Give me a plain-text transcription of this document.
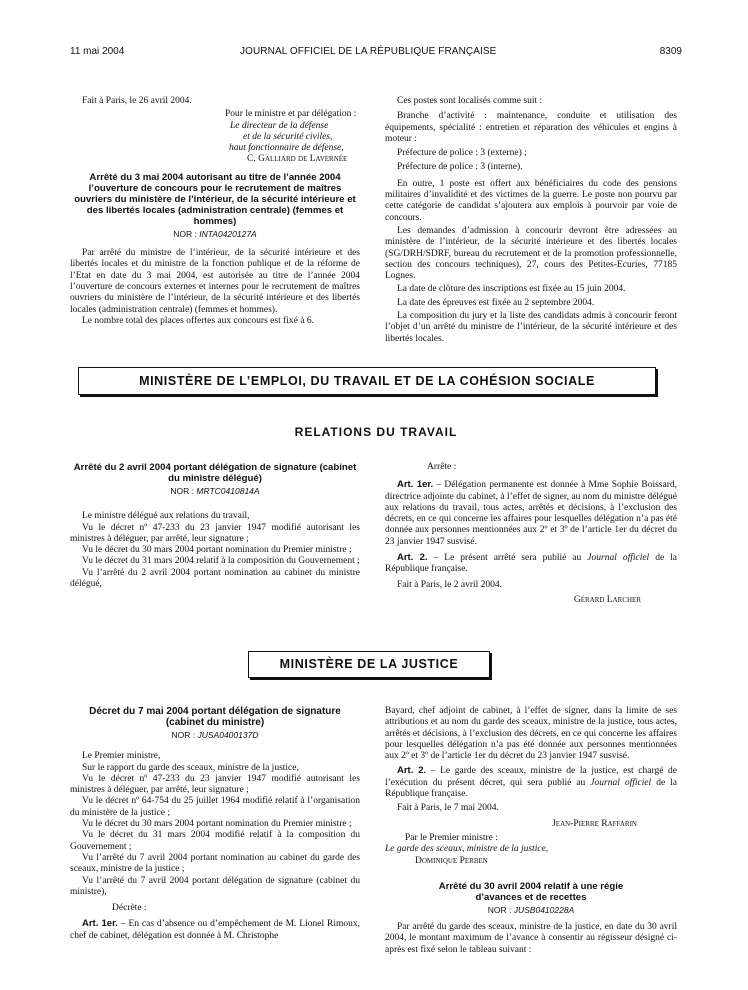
11 mai 2004	JOURNAL OFFICIEL DE LA RÉPUBLIQUE FRANÇAISE	8309

Fait à Paris, le 26 avril 2004.

Pour le ministre et par délégation :

Le directeur de la défense

et de la sécurité civiles,

haut fonctionnaire de défense,

C. Galliard de Lavernée

Arrêté du 3 mai 2004 autorisant au titre de l’année 2004 l’ouverture de concours pour le recrutement de maîtres ouvriers du ministère de l’intérieur, de la sécurité intérieure et des libertés locales (administration centrale) (femmes et hommes)
NOR : INTA0420127A

Par arrêté du ministre de l’intérieur, de la sécurité intérieure et des libertés locales et du ministre de la fonction publique et de la réforme de l’Etat en date du 3 mai 2004, est autorisée au titre de l’année 2004 l’ouverture de concours externes et internes pour le recrutement de maîtres ouvriers du ministère de l’intérieur, de la sécurité intérieure et des libertés locales (administration centrale) (femmes et hommes).

Le nombre total des places offertes aux concours est fixé à 6.

Ces postes sont localisés comme suit :

Branche d’activité : maintenance, conduite et utilisation des équipements, spécialité : entretien et réparation des véhicules et engins à moteur :

Préfecture de police : 3 (externe) ;

Préfecture de police : 3 (interne).

En outre, 1 poste est offert aux bénéficiaires du code des pensions militaires d’invalidité et des victimes de la guerre. Le poste non pourvu par cette catégorie de candidat s’ajoutera aux emplois à pourvoir par voie de concours.

Les demandes d’admission à concourir devront être adressées au ministère de l’intérieur, de la sécurité intérieure et des libertés locales (SG/DRH/SDRF, bureau du recrutement et de la promotion professionnelle, section des concours techniques), 27, cours des Petites-Ecuries, 77185 Lognes.

La date de clôture des inscriptions est fixée au 15 juin 2004.

La date des épreuves est fixée au 2 septembre 2004.

La composition du jury et la liste des candidats admis à concourir feront l’objet d’un arrêté du ministre de l’intérieur, de la sécurité intérieure et des libertés locales.

MINISTÈRE DE L’EMPLOI, DU TRAVAIL ET DE LA COHÉSION SOCIALE
RELATIONS DU TRAVAIL
Arrêté du 2 avril 2004 portant délégation de signature (cabinet du ministre délégué)
NOR : MRTC0410814A

Le ministre délégué aux relations du travail,

Vu le décret nº 47-233 du 23 janvier 1947 modifié autorisant les ministres à déléguer, par arrêté, leur signature ;

Vu le décret du 30 mars 2004 portant nomination du Premier ministre ;

Vu le décret du 31 mars 2004 relatif à la composition du Gouvernement ;

Vu l’arrêté du 2 avril 2004 portant nomination au cabinet du ministre délégué,

Arrête :

Art. 1er. – Délégation permanente est donnée à Mme Sophie Boissard, directrice adjointe du cabinet, à l’effet de signer, au nom du ministre délégué aux relations du travail, tous actes, arrêtés et décisions, à l’exclusion des décrets, en ce qui concerne les affaires pour lesquelles délégation n’a pas été donnée aux personnes mentionnées aux 2º et 3º de l’article 1er du décret du 23 janvier 1947 susvisé.

Art. 2. – Le présent arrêté sera publié au Journal officiel de la République française.

Fait à Paris, le 2 avril 2004.

Gérard Larcher

MINISTÈRE DE LA JUSTICE
Décret du 7 mai 2004 portant délégation de signature (cabinet du ministre)
NOR : JUSA0400137D

Le Premier ministre,

Sur le rapport du garde des sceaux, ministre de la justice,

Vu le décret nº 47-233 du 23 janvier 1947 modifié autorisant les ministres à déléguer, par arrêté, leur signature ;

Vu le décret nº 64-754 du 25 juillet 1964 modifié relatif à l’organisation du ministère de la justice ;

Vu le décret du 30 mars 2004 portant nomination du Premier ministre ;

Vu le décret du 31 mars 2004 modifié relatif à la composition du Gouvernement ;

Vu l’arrêté du 7 avril 2004 portant nomination au cabinet du garde des sceaux, ministre de la justice ;

Vu l’arrêté du 7 avril 2004 portant délégation de signature (cabinet du ministre),

Décrète :

Art. 1er. – En cas d’absence ou d’empêchement de M. Lionel Rimoux, chef de cabinet, délégation est donnée à M. Christophe

Bayard, chef adjoint de cabinet, à l’effet de signer, dans la limite de ses attributions et au nom du garde des sceaux, ministre de la justice, tous actes, arrêtés et décisions, à l’exclusion des décrets, en ce qui concerne les affaires pour lesquelles délégation n’a pas été donnée aux personnes mentionnées aux 2º et 3º de l’article 1er du décret du 23 janvier 1947 susvisé.

Art. 2. – Le garde des sceaux, ministre de la justice, est chargé de l’exécution du présent décret, qui sera publié au Journal officiel de la République française.

Fait à Paris, le 7 mai 2004.

Jean-Pierre Raffarin

Par le Premier ministre :

Le garde des sceaux, ministre de la justice,

Dominique Perben

Arrêté du 30 avril 2004 relatif à une régie d’avances et de recettes
NOR : JUSB0410228A

Par arrêté du garde des sceaux, ministre de la justice, en date du 30 avril 2004, le montant maximum de l’avance à consentir au régisseur désigné ci-après est fixé selon le tableau suivant :
